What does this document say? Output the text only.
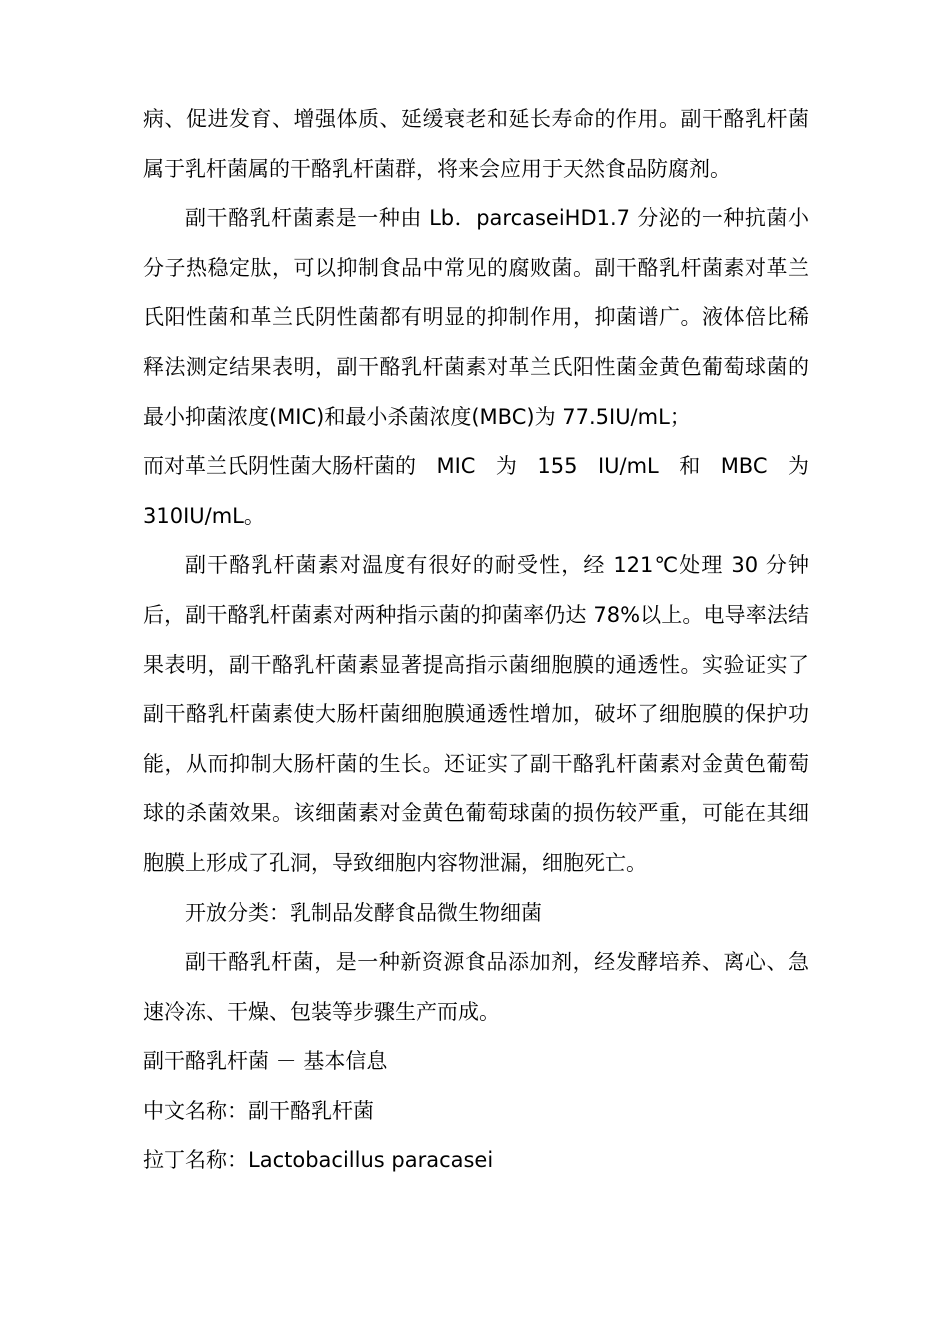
病、促进发育、增强体质、延缓衰老和延长寿命的作用。副干酪乳杆菌属于乳杆菌属的干酪乳杆菌群，将来会应用于天然食品防腐剂。

副干酪乳杆菌素是一种由 Lb．parcaseiHD1.7 分泌的一种抗菌小分子热稳定肽，可以抑制食品中常见的腐败菌。副干酪乳杆菌素对革兰氏阳性菌和革兰氏阴性菌都有明显的抑制作用，抑菌谱广。液体倍比稀释法测定结果表明，副干酪乳杆菌素对革兰氏阳性菌金黄色葡萄球菌的最小抑菌浓度(MIC)和最小杀菌浓度(MBC)为 77.5IU/mL；

而对革兰氏阴性菌大肠杆菌的 MIC 为 155 IU/mL 和 MBC 为

310IU/mL。

副干酪乳杆菌素对温度有很好的耐受性，经 121℃处理 30 分钟后，副干酪乳杆菌素对两种指示菌的抑菌率仍达 78%以上。电导率法结果表明，副干酪乳杆菌素显著提高指示菌细胞膜的通透性。实验证实了副干酪乳杆菌素使大肠杆菌细胞膜通透性增加，破坏了细胞膜的保护功能，从而抑制大肠杆菌的生长。还证实了副干酪乳杆菌素对金黄色葡萄球的杀菌效果。该细菌素对金黄色葡萄球菌的损伤较严重，可能在其细胞膜上形成了孔洞，导致细胞内容物泄漏，细胞死亡。

开放分类：乳制品发酵食品微生物细菌

副干酪乳杆菌，是一种新资源食品添加剂，经发酵培养、离心、急速冷冻、干燥、包装等步骤生产而成。

副干酪乳杆菌 － 基本信息

中文名称：副干酪乳杆菌

拉丁名称：Lactobacillus paracasei
